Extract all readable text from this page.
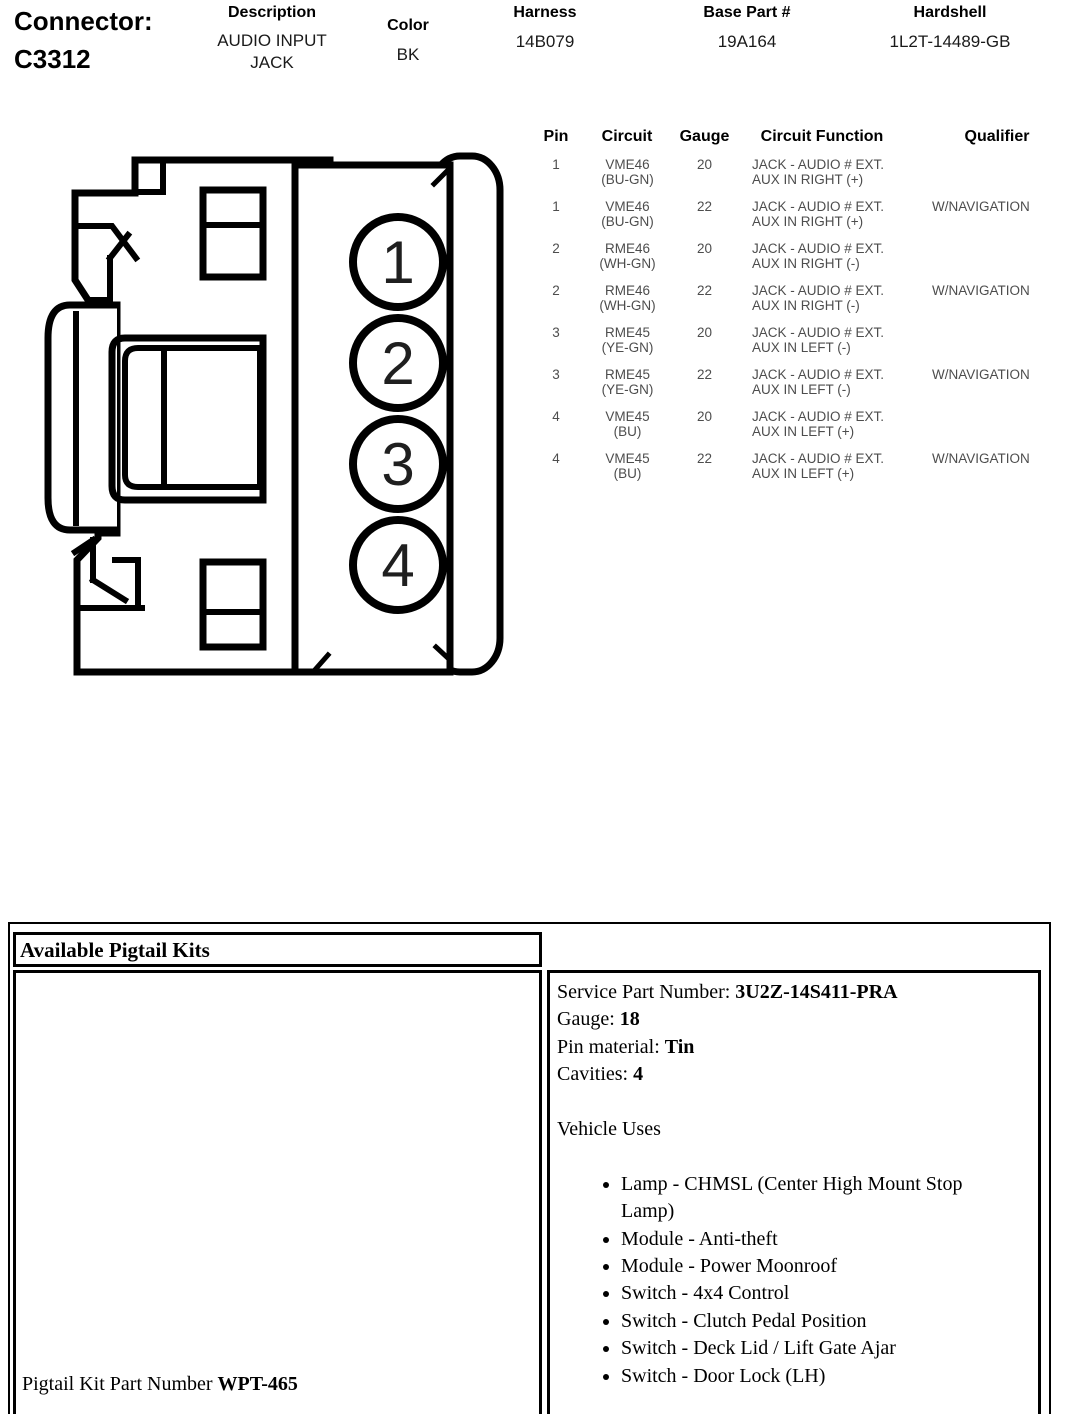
Connector:
C3312
Description
AUDIO INPUT JACK
Color
BK
Harness
14B079
Base Part #
19A164
Hardshell
1L2T-14489-GB
1
2
3
4
Pin	Circuit	Gauge	Circuit Function	Qualifier
1	VME46 (BU-GN)	20	JACK - AUDIO # EXT. AUX IN RIGHT (+)	
1	VME46 (BU-GN)	22	JACK - AUDIO # EXT. AUX IN RIGHT (+)	W/NAVIGATION
2	RME46 (WH-GN)	20	JACK - AUDIO # EXT. AUX IN RIGHT (-)	
2	RME46 (WH-GN)	22	JACK - AUDIO # EXT. AUX IN RIGHT (-)	W/NAVIGATION
3	RME45 (YE-GN)	20	JACK - AUDIO # EXT. AUX IN LEFT (-)	
3	RME45 (YE-GN)	22	JACK - AUDIO # EXT. AUX IN LEFT (-)	W/NAVIGATION
4	VME45 (BU)	20	JACK - AUDIO # EXT. AUX IN LEFT (+)	
4	VME45 (BU)	22	JACK - AUDIO # EXT. AUX IN LEFT (+)	W/NAVIGATION
Available Pigtail Kits
Pigtail Kit Part Number WPT-465
Service Part Number: 3U2Z-14S411-PRA
Gauge: 18
Pin material: Tin
Cavities: 4
Vehicle Uses
• Lamp - CHMSL (Center High Mount Stop Lamp)
• Module - Anti-theft
• Module - Power Moonroof
• Switch - 4x4 Control
• Switch - Clutch Pedal Position
• Switch - Deck Lid / Lift Gate Ajar
• Switch - Door Lock (LH)
